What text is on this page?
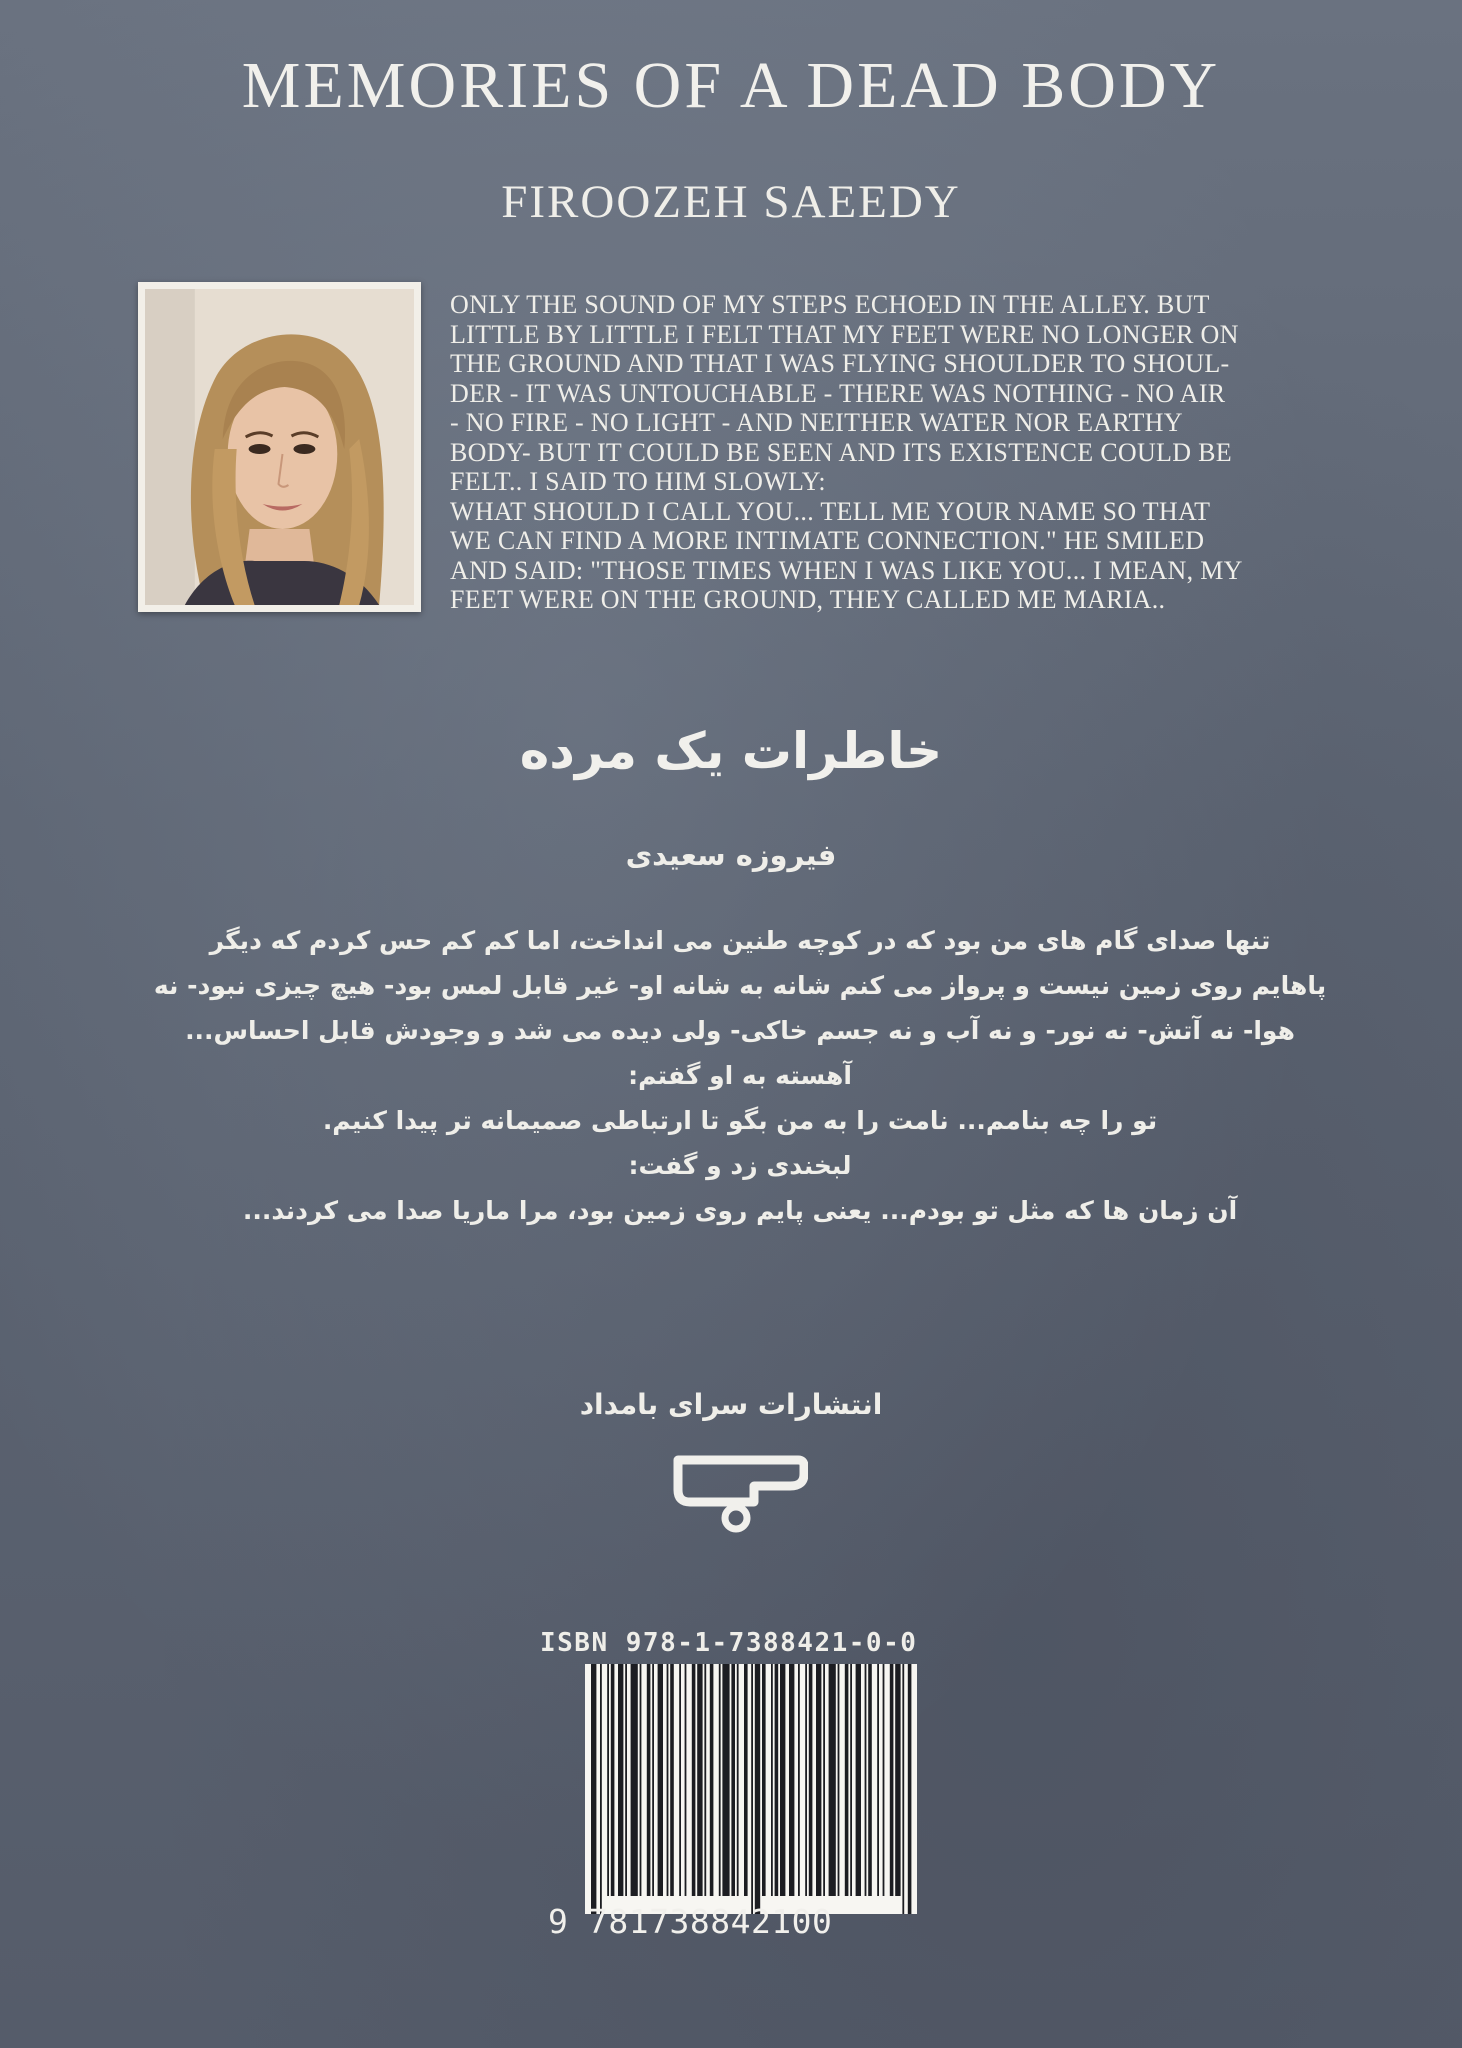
MEMORIES OF A DEAD BODY
FIROOZEH SAEEDY
ONLY THE SOUND OF MY STEPS ECHOED IN THE ALLEY. BUT
LITTLE BY LITTLE I FELT THAT MY FEET WERE NO LONGER ON
THE GROUND AND THAT I WAS FLYING SHOULDER TO SHOUL-
DER - IT WAS UNTOUCHABLE - THERE WAS NOTHING - NO AIR
- NO FIRE - NO LIGHT - AND NEITHER WATER NOR EARTHY
BODY- BUT IT COULD BE SEEN AND ITS EXISTENCE COULD BE
FELT.. I SAID TO HIM SLOWLY:
WHAT SHOULD I CALL YOU... TELL ME YOUR NAME SO THAT
WE CAN FIND A MORE INTIMATE CONNECTION." HE SMILED
AND SAID: "THOSE TIMES WHEN I WAS LIKE YOU... I MEAN, MY
FEET WERE ON THE GROUND, THEY CALLED ME MARIA..
خاطرات یک مرده
فیروزه سعیدی
تنها صدای گام های من بود که در کوچه طنین می انداخت، اما کم کم حس کردم که دیگر
پاهایم روی زمین نیست و پرواز می کنم شانه به شانه او- غیر قابل لمس بود- هیچ چیزی نبود- نه
هوا- نه آتش- نه نور- و نه آب و نه جسم خاکی- ولی دیده می شد و وجودش قابل احساس...
آهسته به او گفتم:
تو را چه بنامم... نامت را به من بگو تا ارتباطی صمیمانه تر پیدا کنیم.
لبخندی زد و گفت:
آن زمان ها که مثل تو بودم... یعنی پایم روی زمین بود، مرا ماریا صدا می کردند...
انتشارات سرای بامداد
ISBN 978-1-7388421-0-0
9 781738842100
